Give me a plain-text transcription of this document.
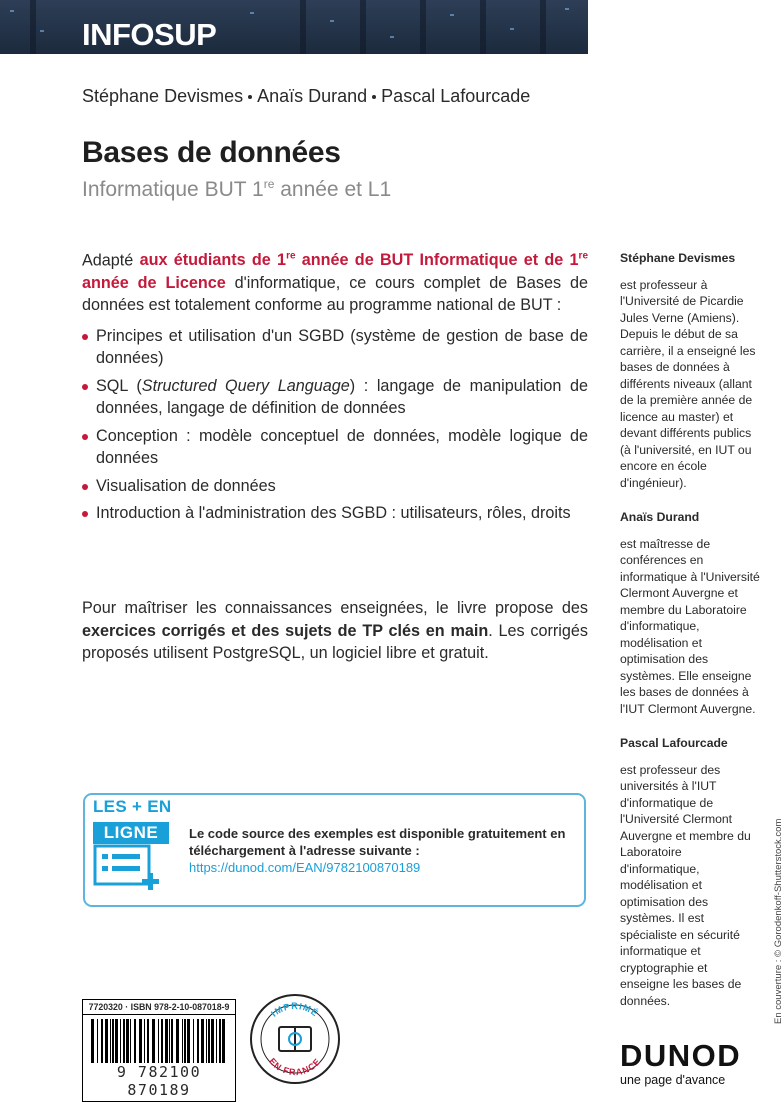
INFOSUP
Stéphane Devismes Anaïs Durand Pascal Lafourcade
Bases de données
Informatique BUT 1re année et L1

Adapté aux étudiants de 1re année de BUT Informatique et de 1re année de Licence d'informatique, ce cours complet de Bases de données est totalement conforme au programme national de BUT :

Principes et utilisation d'un SGBD (système de gestion de base de données)
SQL (Structured Query Language) : langage de manipulation de données, langage de définition de données
Conception : modèle conceptuel de données, modèle logique de données
Visualisation de données
Introduction à l'administration des SGBD : utilisateurs, rôles, droits

Pour maîtriser les connaissances enseignées, le livre propose des exercices corrigés et des sujets de TP clés en main. Les corrigés proposés utilisent PostgreSQL, un logiciel libre et gratuit.

LES + EN
LIGNE	Le code source des exemples est disponible gratuitement en téléchargement à l'adresse suivante :
https://dunod.com/EAN/9782100870189
Stéphane Devismes
est professeur à l'Université de Picardie Jules Verne (Amiens). Depuis le début de sa carrière, il a enseigné les bases de données à différents niveaux (allant de la première année de licence au master) et devant différents publics (à l'université, en IUT ou encore en école d'ingénieur).
Anaïs Durand
est maîtresse de conférences en informatique à l'Université Clermont Auvergne et membre du Laboratoire d'informatique, modélisation et optimisation des systèmes. Elle enseigne les bases de données à l'IUT Clermont Auvergne.
Pascal Lafourcade
est professeur des universités à l'IUT d'informatique de l'Université Clermont Auvergne et membre du Laboratoire d'informatique, modélisation et optimisation des systèmes. Il est spécialiste en sécurité informatique et cryptographie et enseigne les bases de données.	En couverture : © Gorodenkoff-Shutterstock.com
7720320 · ISBN 978-2-10-087018-9
9 782100 870189
IMPRIMÉ
EN FRANCE	DUNOD
une page d'avance
